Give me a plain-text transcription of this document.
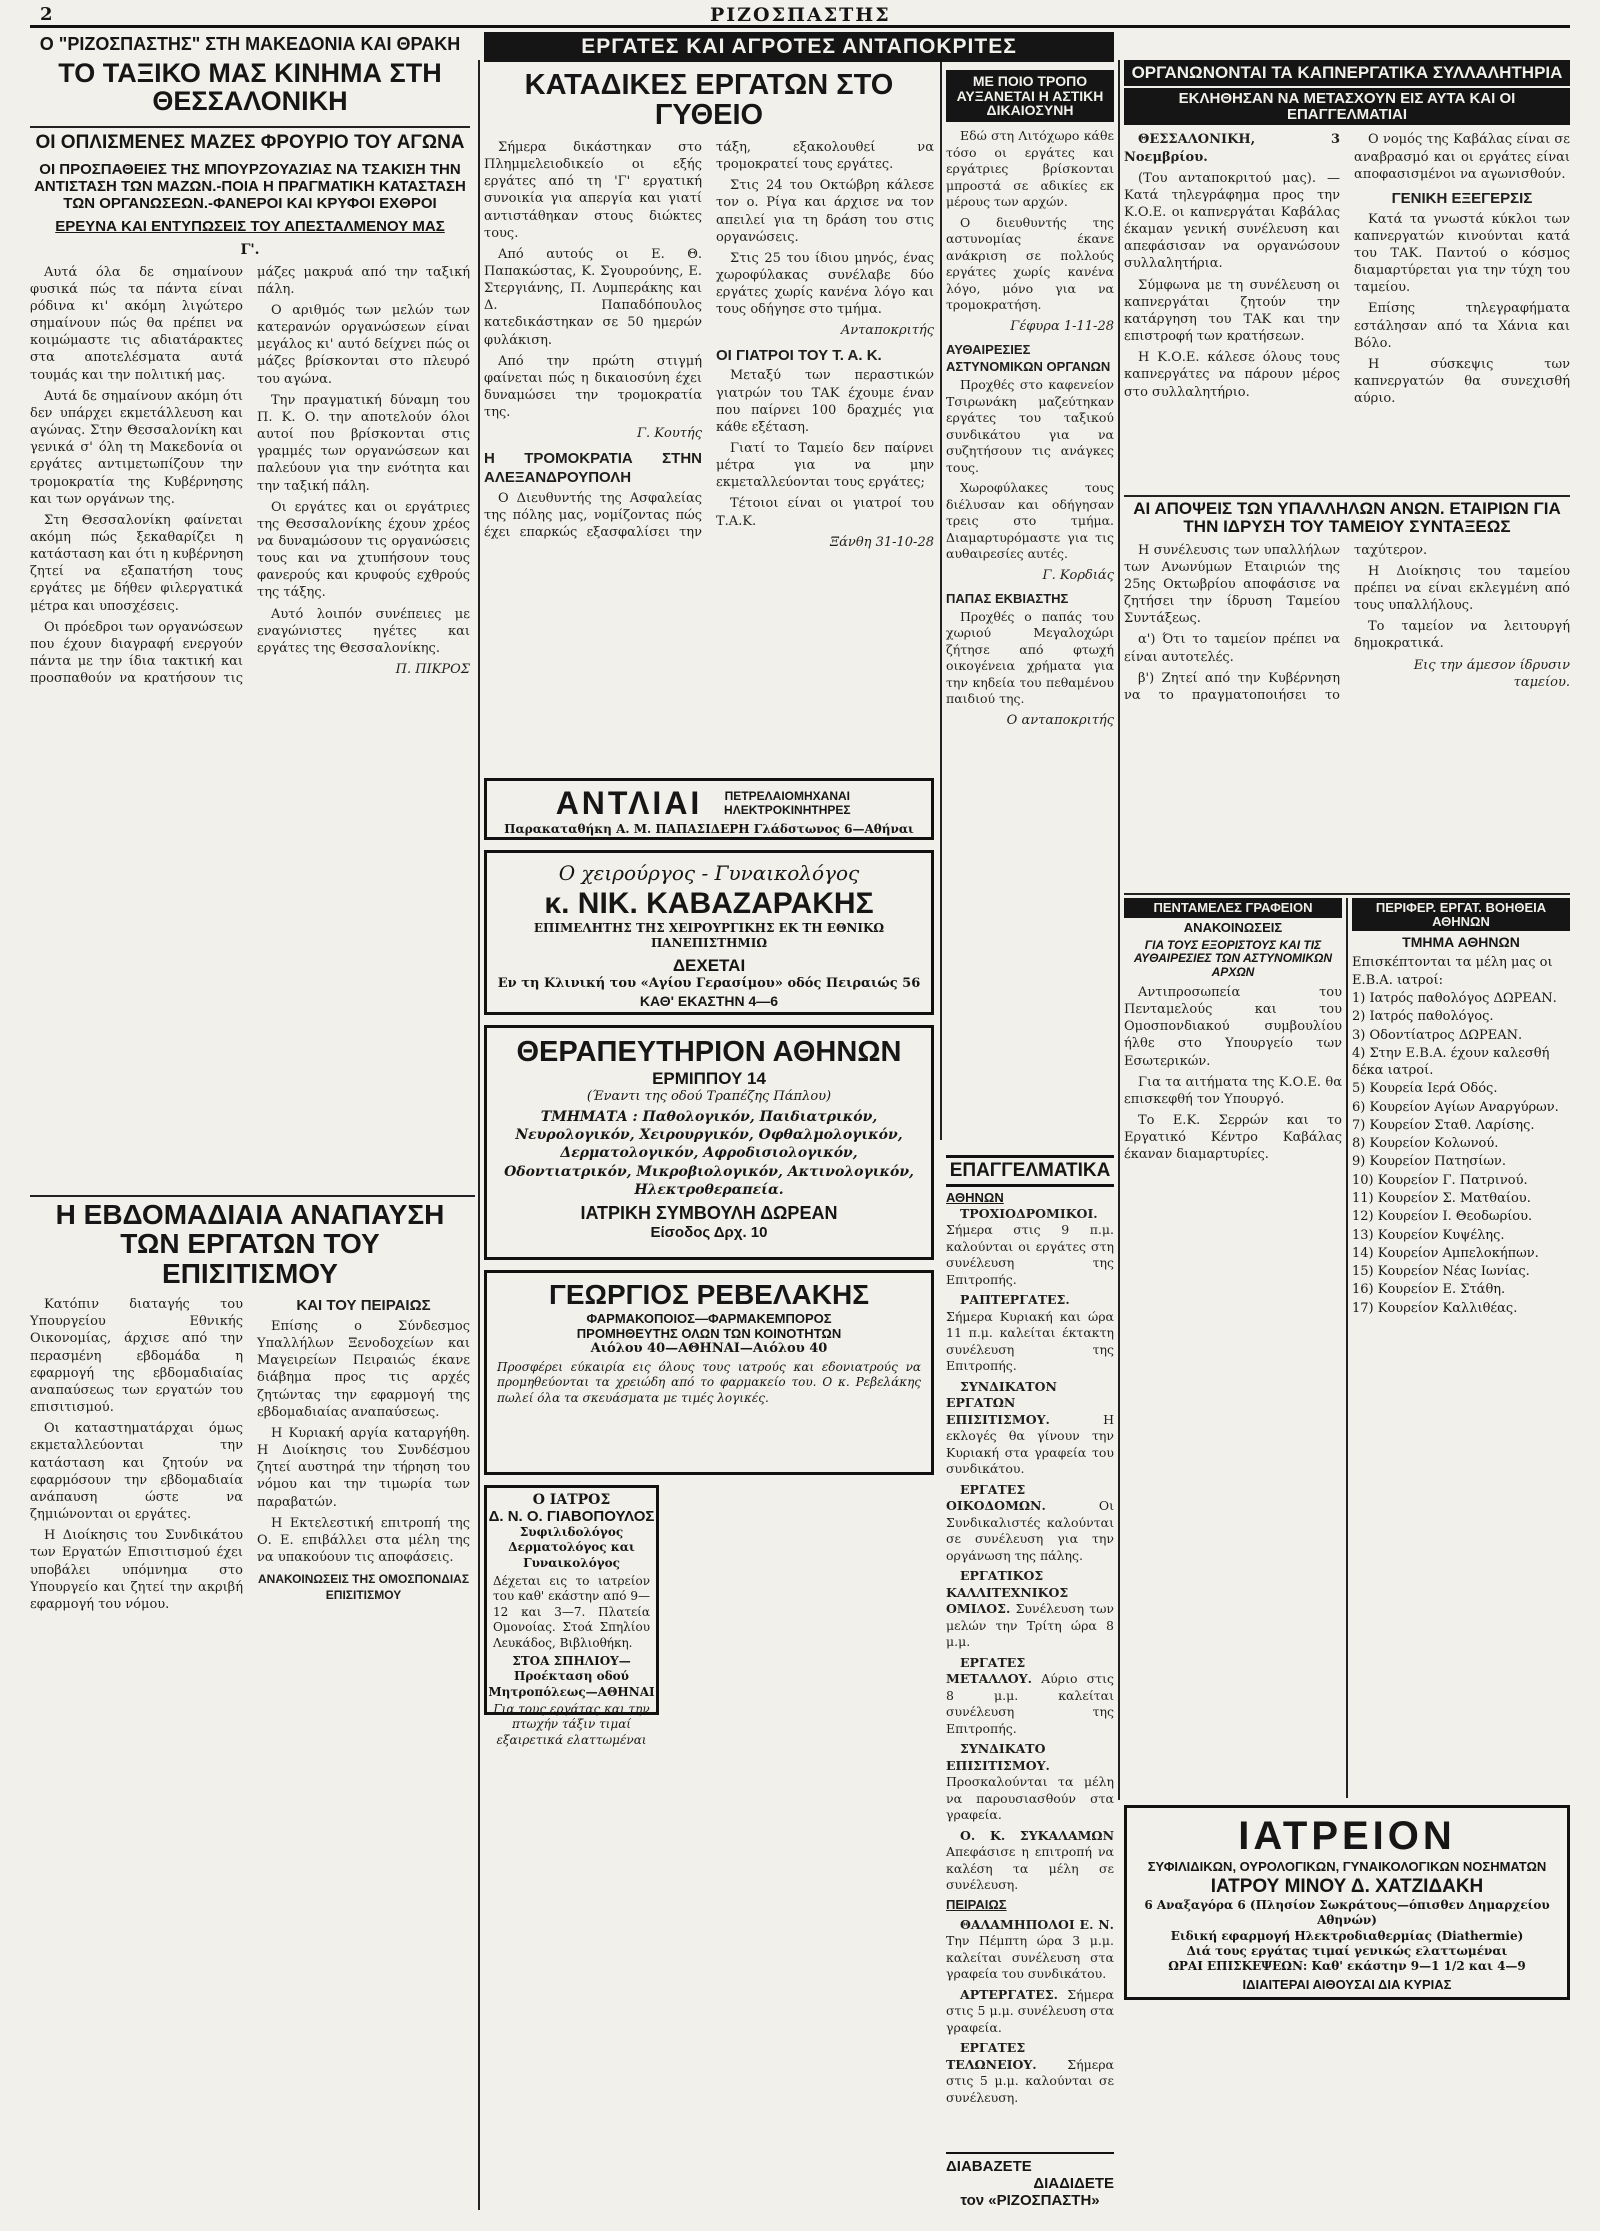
2	ΡΙΖΟΣΠΑΣΤΗΣ
Ο "ΡΙΖΟΣΠΑΣΤΗΣ" ΣΤΗ ΜΑΚΕΔΟΝΙΑ ΚΑΙ ΘΡΑΚΗ
ΤΟ ΤΑΞΙΚΟ ΜΑΣ ΚΙΝΗΜΑ ΣΤΗ ΘΕΣΣΑΛΟΝΙΚΗ
ΟΙ ΟΠΛΙΣΜΕΝΕΣ ΜΑΖΕΣ ΦΡΟΥΡΙΟ ΤΟΥ ΑΓΩΝΑ
ΟΙ ΠΡΟΣΠΑΘΕΙΕΣ ΤΗΣ ΜΠΟΥΡΖΟΥΑΖΙΑΣ ΝΑ ΤΣΑΚΙΣΗ ΤΗΝ ΑΝΤΙΣΤΑΣΗ ΤΩΝ ΜΑΖΩΝ.-ΠΟΙΑ Η ΠΡΑΓΜΑΤΙΚΗ ΚΑΤΑΣΤΑΣΗ ΤΩΝ ΟΡΓΑΝΩΣΕΩΝ.-ΦΑΝΕΡΟΙ ΚΑΙ ΚΡΥΦΟΙ ΕΧΘΡΟΙ
ΕΡΕΥΝΑ ΚΑΙ ΕΝΤΥΠΩΣΕΙΣ ΤΟΥ ΑΠΕΣΤΑΛΜΕΝΟΥ ΜΑΣ
Γ'.

Αυτά όλα δε σημαίνουν φυσικά πώς τα πάντα είναι ρόδινα κι' ακόμη λιγώτερο σημαίνουν πώς θα πρέπει να κοιμώμαστε τις αδιατάρακτες στα αποτελέσματα αυτά τουμάς και την πολιτική μας.

Αυτά δε σημαίνουν ακόμη ότι δεν υπάρχει εκμετάλλευση και αγώνας. Στην Θεσσαλονίκη και γενικά σ' όλη τη Μακεδονία οι εργάτες αντιμετωπίζουν την τρομοκρατία της Κυβέρνησης και των οργάνων της.

Στη Θεσσαλονίκη φαίνεται ακόμη πώς ξεκαθαρίζει η κατάσταση και ότι η κυβέρνηση ζητεί να εξαπατήση τους εργάτες με δήθεν φιλεργατικά μέτρα και υποσχέσεις.

Οι πρόεδροι των οργανώσεων που έχουν διαγραφή ενεργούν πάντα με την ίδια τακτική και προσπαθούν να κρατήσουν τις μάζες μακρυά από την ταξική πάλη.

Ο αριθμός των μελών των κατερανών οργανώσεων είναι μεγάλος κι' αυτό δείχνει πώς οι μάζες βρίσκονται στο πλευρό του αγώνα.

Την πραγματική δύναμη του Π. Κ. Ο. την αποτελούν όλοι αυτοί που βρίσκονται στις γραμμές των οργανώσεων και παλεύουν για την ενότητα και την ταξική πάλη.

Οι εργάτες και οι εργάτριες της Θεσσαλονίκης έχουν χρέος να δυναμώσουν τις οργανώσεις τους και να χτυπήσουν τους φανερούς και κρυφούς εχθρούς της τάξης.

Αυτό λοιπόν συνέπειες με εναγώνιστες ηγέτες και εργάτες της Θεσσαλονίκης.

Π. ΠΙΚΡΟΣ
Η ΕΒΔΟΜΑΔΙΑΙΑ ΑΝΑΠΑΥΣΗ ΤΩΝ ΕΡΓΑΤΩΝ ΤΟΥ ΕΠΙΣΙΤΙΣΜΟΥ

Κατόπιν διαταγής του Υπουργείου Εθνικής Οικονομίας, άρχισε από την περασμένη εβδομάδα η εφαρμογή της εβδομαδιαίας αναπαύσεως των εργατών του επισιτισμού.

Οι καταστηματάρχαι όμως εκμεταλλεύονται την κατάσταση και ζητούν να εφαρμόσουν την εβδομαδιαία ανάπαυση ώστε να ζημιώνονται οι εργάτες.

Η Διοίκησις του Συνδικάτου των Εργατών Επισιτισμού έχει υποβάλει υπόμνημα στο Υπουργείο και ζητεί την ακριβή εφαρμογή του νόμου.

ΚΑΙ ΤΟΥ ΠΕΙΡΑΙΩΣ

Επίσης ο Σύνδεσμος Υπαλλήλων Ξενοδοχείων και Μαγειρείων Πειραιώς έκανε διάβημα προς τις αρχές ζητώντας την εφαρμογή της εβδομαδιαίας αναπαύσεως.

Η Κυριακή αργία καταργήθη. Η Διοίκησις του Συνδέσμου ζητεί αυστηρά την τήρηση του νόμου και την τιμωρία των παραβατών.

Η Εκτελεστική επιτροπή της Ο. Ε. επιβάλλει στα μέλη της να υπακούουν τις αποφάσεις.

ΑΝΑΚΟΙΝΩΣΕΙΣ ΤΗΣ ΟΜΟΣΠΟΝΔΙΑΣ ΕΠΙΣΙΤΙΣΜΟΥ
ΕΡΓΑΤΕΣ ΚΑΙ ΑΓΡΟΤΕΣ ΑΝΤΑΠΟΚΡΙΤΕΣ
ΚΑΤΑΔΙΚΕΣ ΕΡΓΑΤΩΝ ΣΤΟ ΓΥΘΕΙΟ

Σήμερα δικάστηκαν στο Πλημμελειοδικείο οι εξής εργάτες από τη 'Γ' εργατική συνοικία για απεργία και γιατί αντιστάθηκαν στους διώκτες τους.

Από αυτούς οι Ε. Θ. Παπακώστας, Κ. Σγουρούνης, Ε. Στεργιάνης, Π. Λυμπεράκης και Δ. Παπαδόπουλος κατεδικάστηκαν σε 50 ημερών φυλάκιση.

Από την πρώτη στιγμή φαίνεται πώς η δικαιοσύνη έχει δυναμώσει την τρομοκρατία της.

Γ. Κουτής
Η ΤΡΟΜΟΚΡΑΤΙΑ ΣΤΗΝ ΑΛΕΞΑΝΔΡΟΥΠΟΛΗ

Ο Διευθυντής της Ασφαλείας της πόλης μας, νομίζοντας πώς έχει επαρκώς εξασφαλίσει την τάξη, εξακολουθεί να τρομοκρατεί τους εργάτες.

Στις 24 του Οκτώβρη κάλεσε τον ο. Ρίγα και άρχισε να τον απειλεί για τη δράση του στις οργανώσεις.

Στις 25 του ίδιου μηνός, ένας χωροφύλακας συνέλαβε δύο εργάτες χωρίς κανένα λόγο και τους οδήγησε στο τμήμα.

Ανταποκριτής
ΟΙ ΓΙΑΤΡΟΙ ΤΟΥ Τ. Α. Κ.

Μεταξύ των περαστικών γιατρών του ΤΑΚ έχουμε έναν που παίρνει 100 δραχμές για κάθε εξέταση.

Γιατί το Ταμείο δεν παίρνει μέτρα για να μην εκμεταλλεύονται τους εργάτες;

Τέτοιοι είναι οι γιατροί του Τ.Α.Κ.

Ξάνθη 31-10-28
ΜΕ ΠΟΙΟ ΤΡΟΠΟ ΑΥΞΑΝΕΤΑΙ Η ΑΣΤΙΚΗ ΔΙΚΑΙΟΣΥΝΗ

Εδώ στη Λιτόχωρο κάθε τόσο οι εργάτες και εργάτριες βρίσκονται μπροστά σε αδικίες εκ μέρους των αρχών.

Ο διευθυντής της αστυνομίας έκανε ανάκριση σε πολλούς εργάτες χωρίς κανένα λόγο, μόνο για να τρομοκρατήση.

Γέφυρα 1-11-28
ΑΥΘΑΙΡΕΣΙΕΣ ΑΣΤΥΝΟΜΙΚΩΝ ΟΡΓΑΝΩΝ

Προχθές στο καφενείον Τσιρωνάκη μαζεύτηκαν εργάτες του ταξικού συνδικάτου για να συζητήσουν τις ανάγκες τους.

Χωροφύλακες τους διέλυσαν και οδήγησαν τρεις στο τμήμα. Διαμαρτυρόμαστε για τις αυθαιρεσίες αυτές.

Γ. Κορδιάς
ΠΑΠΑΣ ΕΚΒΙΑΣΤΗΣ

Προχθές ο παπάς του χωριού Μεγαλοχώρι ζήτησε από φτωχή οικογένεια χρήματα για την κηδεία του πεθαμένου παιδιού της.

Ο ανταποκριτής
ΟΡΓΑΝΩΝΟΝΤΑΙ ΤΑ ΚΑΠΝΕΡΓΑΤΙΚΑ ΣΥΛΛΑΛΗΤΗΡΙΑ
ΕΚΛΗΘΗΣΑΝ ΝΑ ΜΕΤΑΣΧΟΥΝ ΕΙΣ ΑΥΤΑ ΚΑΙ ΟΙ ΕΠΑΓΓΕΛΜΑΤΙΑΙ

ΘΕΣΣΑΛΟΝΙΚΗ, 3 Νοεμβρίου.

(Του ανταποκριτού μας). — Κατά τηλεγράφημα προς την Κ.Ο.Ε. οι καπνεργάται Καβάλας έκαμαν γενική συνέλευση και απεφάσισαν να οργανώσουν συλλαλητήρια.

Σύμφωνα με τη συνέλευση οι καπνεργάται ζητούν την κατάργηση του ΤΑΚ και την επιστροφή των κρατήσεων.

Η Κ.Ο.Ε. κάλεσε όλους τους καπνεργάτες να πάρουν μέρος στο συλλαλητήριο.

Ο νομός της Καβάλας είναι σε αναβρασμό και οι εργάτες είναι αποφασισμένοι να αγωνισθούν.

ΓΕΝΙΚΗ ΕΞΕΓΕΡΣΙΣ

Κατά τα γνωστά κύκλοι των καπνεργατών κινούνται κατά του ΤΑΚ. Παντού ο κόσμος διαμαρτύρεται για την τύχη του ταμείου.

Επίσης τηλεγραφήματα εστάλησαν από τα Χάνια και Βόλο.

Η σύσκεψις των καπνεργατών θα συνεχισθή αύριο.

ΑΙ ΑΠΟΨΕΙΣ ΤΩΝ ΥΠΑΛΛΗΛΩΝ ΑΝΩΝ. ΕΤΑΙΡΙΩΝ ΓΙΑ ΤΗΝ ΙΔΡΥΣΗ ΤΟΥ ΤΑΜΕΙΟΥ ΣΥΝΤΑΞΕΩΣ

Η συνέλευσις των υπαλλήλων των Ανωνύμων Εταιριών της 25ης Οκτωβρίου αποφάσισε να ζητήσει την ίδρυση Ταμείου Συντάξεως.

α') Ότι το ταμείον πρέπει να είναι αυτοτελές.

β') Ζητεί από την Κυβέρνηση να το πραγματοποιήσει το ταχύτερον.

Η Διοίκησις του ταμείου πρέπει να είναι εκλεγμένη από τους υπαλλήλους.

Το ταμείον να λειτουργή δημοκρατικά.

Εις την άμεσον ίδρυσιν ταμείου.
ΠΕΝΤΑΜΕΛΕΣ ΓΡΑΦΕΙΟΝ
ΑΝΑΚΟΙΝΩΣΕΙΣ
ΓΙΑ ΤΟΥΣ ΕΞΟΡΙΣΤΟΥΣ ΚΑΙ ΤΙΣ ΑΥΘΑΙΡΕΣΙΕΣ ΤΩΝ ΑΣΤΥΝΟΜΙΚΩΝ ΑΡΧΩΝ

Αντιπροσωπεία του Πενταμελούς και του Ομοσπονδιακού συμβουλίου ήλθε στο Υπουργείο των Εσωτερικών.

Για τα αιτήματα της Κ.Ο.Ε. θα επισκεφθή τον Υπουργό.

Το Ε.Κ. Σερρών και το Εργατικό Κέντρο Καβάλας έκαναν διαμαρτυρίες.

ΠΕΡΙΦΕΡ. ΕΡΓΑΤ. ΒΟΗΘΕΙΑ ΑΘΗΝΩΝ
ΤΜΗΜΑ ΑΘΗΝΩΝ
Επισκέπτονται τα μέλη μας οι Ε.Β.Α. ιατροί:
1) Ιατρός παθολόγος ΔΩΡΕΑΝ.
2) Ιατρός παθολόγος.
3) Οδοντίατρος ΔΩΡΕΑΝ.
4) Στην Ε.Β.Α. έχουν καλεσθή δέκα ιατροί.
5) Κουρεία Ιερά Οδός.
6) Κουρείον Αγίων Αναργύρων.
7) Κουρείον Σταθ. Λαρίσης.
8) Κουρείον Κολωνού.
9) Κουρείον Πατησίων.
10) Κουρείον Γ. Πατρινού.
11) Κουρείον Σ. Ματθαίου.
12) Κουρείον Ι. Θεοδωρίου.
13) Κουρείον Κυψέλης.
14) Κουρείον Αμπελοκήπων.
15) Κουρείον Νέας Ιωνίας.
16) Κουρείον Ε. Στάθη.
17) Κουρείον Καλλιθέας.
ΑΝΤΛΙΑΙ	ΠΕΤΡΕΛΑΙΟΜΗΧΑΝΑΙ ΗΛΕΚΤΡΟΚΙΝΗΤΗΡΕΣ
Παρακαταθήκη Α. Μ. ΠΑΠΑΣΙΔΕΡΗ Γλάδστωνος 6—Αθήναι
Ο χειρούργος - Γυναικολόγος
κ. ΝΙΚ. ΚΑΒΑΖΑΡΑΚΗΣ
ΕΠΙΜΕΛΗΤΗΣ ΤΗΣ ΧΕΙΡΟΥΡΓΙΚΗΣ ΕΚ ΤΗ ΕΘΝΙΚΩ ΠΑΝΕΠΙΣΤΗΜΙΩ
ΔΕΧΕΤΑΙ
Εν τη Κλινική του «Αγίου Γερασίμου» οδός Πειραιώς 56
ΚΑΘ' ΕΚΑΣΤΗΝ 4—6
ΘΕΡΑΠΕΥΤΗΡΙΟΝ ΑΘΗΝΩΝ
ΕΡΜΙΠΠΟΥ 14
(Έναντι της οδού Τραπέζης Πάπλου)
ΤΜΗΜΑΤΑ : Παθολογικόν, Παιδιατρικόν, Νευρολογικόν, Χειρουργικόν, Οφθαλμολογικόν, Δερματολογικόν, Αφροδισιολογικόν, Οδοντιατρικόν, Μικροβιολογικόν, Ακτινολογικόν, Ηλεκτροθεραπεία.
ΙΑΤΡΙΚΗ ΣΥΜΒΟΥΛΗ ΔΩΡΕΑΝ
Είσοδος Δρχ. 10
ΓΕΩΡΓΙΟΣ ΡΕΒΕΛΑΚΗΣ
ΦΑΡΜΑΚΟΠΟΙΟΣ—ΦΑΡΜΑΚΕΜΠΟΡΟΣ
ΠΡΟΜΗΘΕΥΤΗΣ ΟΛΩΝ ΤΩΝ ΚΟΙΝΟΤΗΤΩΝ
Αιόλου 40—ΑΘΗΝΑΙ—Αιόλου 40
Προσφέρει εύκαιρία εις όλους τους ιατρούς και εδονιατρούς να προμηθεύονται τα χρειώδη από το φαρμακείο του. Ο κ. Ρεβελάκης πωλεί όλα τα σκευάσματα με τιμές λογικές.
Ο ΙΑΤΡΟΣ
Δ. Ν. Ο. ΓΙΑΒΟΠΟΥΛΟΣ
Συφιλιδολόγος Δερματολόγος και Γυναικολόγος
Δέχεται εις το ιατρείον του καθ' εκάστην από 9—12 και 3—7. Πλατεία Ομονοίας. Στοά Σπηλίου Λευκάδος, Βιβλιοθήκη.
ΣΤΟΑ ΣΠΗΛΙΟΥ—Προέκταση οδού Μητροπόλεως—ΑΘΗΝΑΙ
Για τους εργάτας και την πτωχήν τάξιν τιμαί εξαιρετικά ελαττωμέναι
ΕΠΑΓΓΕΛΜΑΤΙΚΑ
ΑΘΗΝΩΝ

ΤΡΟΧΙΟΔΡΟΜΙΚΟΙ. Σήμερα στις 9 π.μ. καλούνται οι εργάτες στη συνέλευση της Επιτροπής.

ΡΑΠΤΕΡΓΑΤΕΣ. Σήμερα Κυριακή και ώρα 11 π.μ. καλείται έκτακτη συνέλευση της Επιτροπής.

ΣΥΝΔΙΚΑΤΟΝ ΕΡΓΑΤΩΝ ΕΠΙΣΙΤΙΣΜΟΥ.	Η εκλογές θα γίνουν την Κυριακή στα γραφεία του συνδικάτου.

ΕΡΓΑΤΕΣ ΟΙΚΟΔΟΜΩΝ.	Οι Συνδικαλιστές καλούνται σε συνέλευση για την οργάνωση της πάλης.

ΕΡΓΑΤΙΚΟΣ ΚΑΛΛΙΤΕΧΝΙΚΟΣ ΟΜΙΛΟΣ. Συνέλευση των μελών την Τρίτη ώρα 8 μ.μ.

ΕΡΓΑΤΕΣ ΜΕΤΑΛΛΟΥ. Αύριο στις 8 μ.μ. καλείται συνέλευση της Επιτροπής.

ΣΥΝΔΙΚΑΤΟ ΕΠΙΣΙΤΙΣΜΟΥ. Προσκαλούνται τα μέλη να παρουσιασθούν στα γραφεία.

Ο. Κ. ΣΥΚΑΛΑΜΩΝ Απεφάσισε η επιτροπή να καλέση τα μέλη σε συνέλευση.

ΠΕΙΡΑΙΩΣ

ΘΑΛΑΜΗΠΟΛΟΙ Ε. Ν. Την Πέμπτη ώρα 3 μ.μ. καλείται συνέλευση στα γραφεία του συνδικάτου.

ΑΡΤΕΡΓΑΤΕΣ. Σήμερα στις 5 μ.μ. συνέλευση στα γραφεία.

ΕΡΓΑΤΕΣ ΤΕΛΩΝΕΙΟΥ. Σήμερα στις 5 μ.μ. καλούνται σε συνέλευση.

ΔΙΑΒΑΖΕΤΕ
ΔΙΑΔΙΔΕΤΕ
τον «ΡΙΖΟΣΠΑΣΤΗ»
ΙΑΤΡΕΙΟΝ
ΣΥΦΙΛΙΔΙΚΩΝ, ΟΥΡΟΛΟΓΙΚΩΝ, ΓΥΝΑΙΚΟΛΟΓΙΚΩΝ ΝΟΣΗΜΑΤΩΝ
ΙΑΤΡΟΥ ΜΙΝΟΥ Δ. ΧΑΤΖΙΔΑΚΗ
6 Αναξαγόρα 6 (Πλησίον Σωκράτους—όπισθεν Δημαρχείου Αθηνών)
Ειδική εφαρμογή Ηλεκτροδιαθερμίας (Diathermie)
Διά τους εργάτας τιμαί γενικώς ελαττωμέναι
ΩΡΑΙ ΕΠΙΣΚΕΨΕΩΝ: Καθ' εκάστην 9—1 1/2 και 4—9
ΙΔΙΑΙΤΕΡΑΙ ΑΙΘΟΥΣΑΙ ΔΙΑ ΚΥΡΙΑΣ
